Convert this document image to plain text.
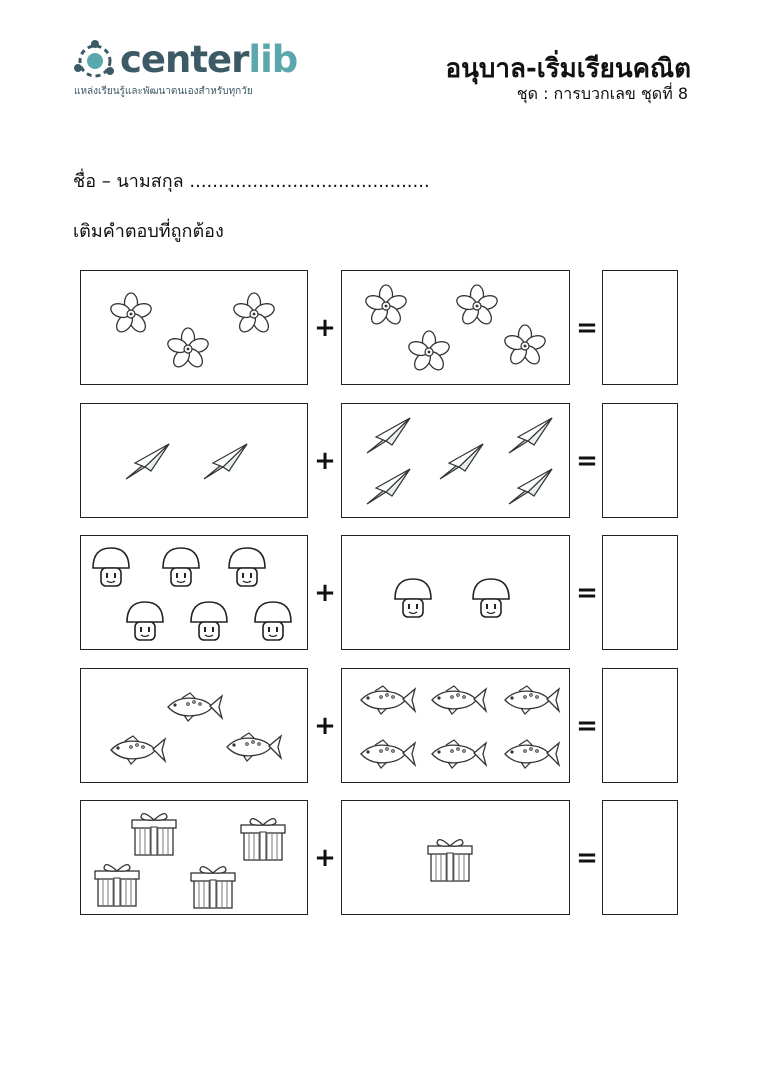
centerlib
แหล่งเรียนรู้และพัฒนาตนเองสำหรับทุกวัย
อนุบาล-เริ่มเรียนคณิต
ชุด : การบวกเลข ชุดที่ 8
ชื่อ – นามสกุล ..........................................
เติมคำตอบที่ถูกต้อง
+	=
+	=
+	=
+	=
+	=
